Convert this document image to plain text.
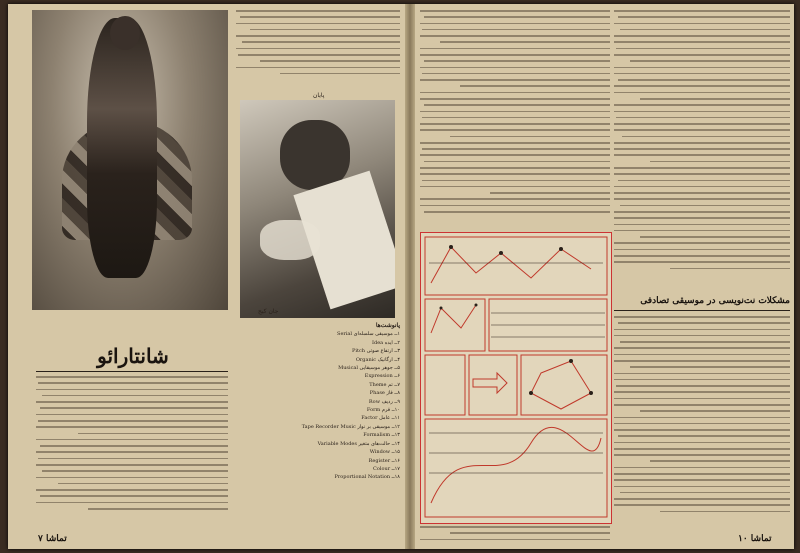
پایان
جان کیج
شانتارائو
پانوشت‌ها
۱ــ موسیقی سلسله‌ای Serial
۲ــ ایده Idea
۳ــ ارتفاع صوتی Pitch
۴ــ ارگانیک Organic
۵ــ جوهر موسیقایی Musical
۶ــ Expression
۷ــ تم Theme
۸ــ فاز Phase
۹ــ ردیف Row
۱۰ــ فرم Form
۱۱ــ عامل Factor
۱۲ــ موسیقی بر نوار Tape Recorder Music
۱۳ــ Formalism
۱۴ــ حالت‌های متغیر Variable Modes
۱۵ــ Window
۱۶ــ Register
۱۷ــ Colour
۱۸ــ Proportional Notation
تماشا ۷
مشکلات نت‌نویسی در موسیقی تصادفی
تماشا ۱۰
